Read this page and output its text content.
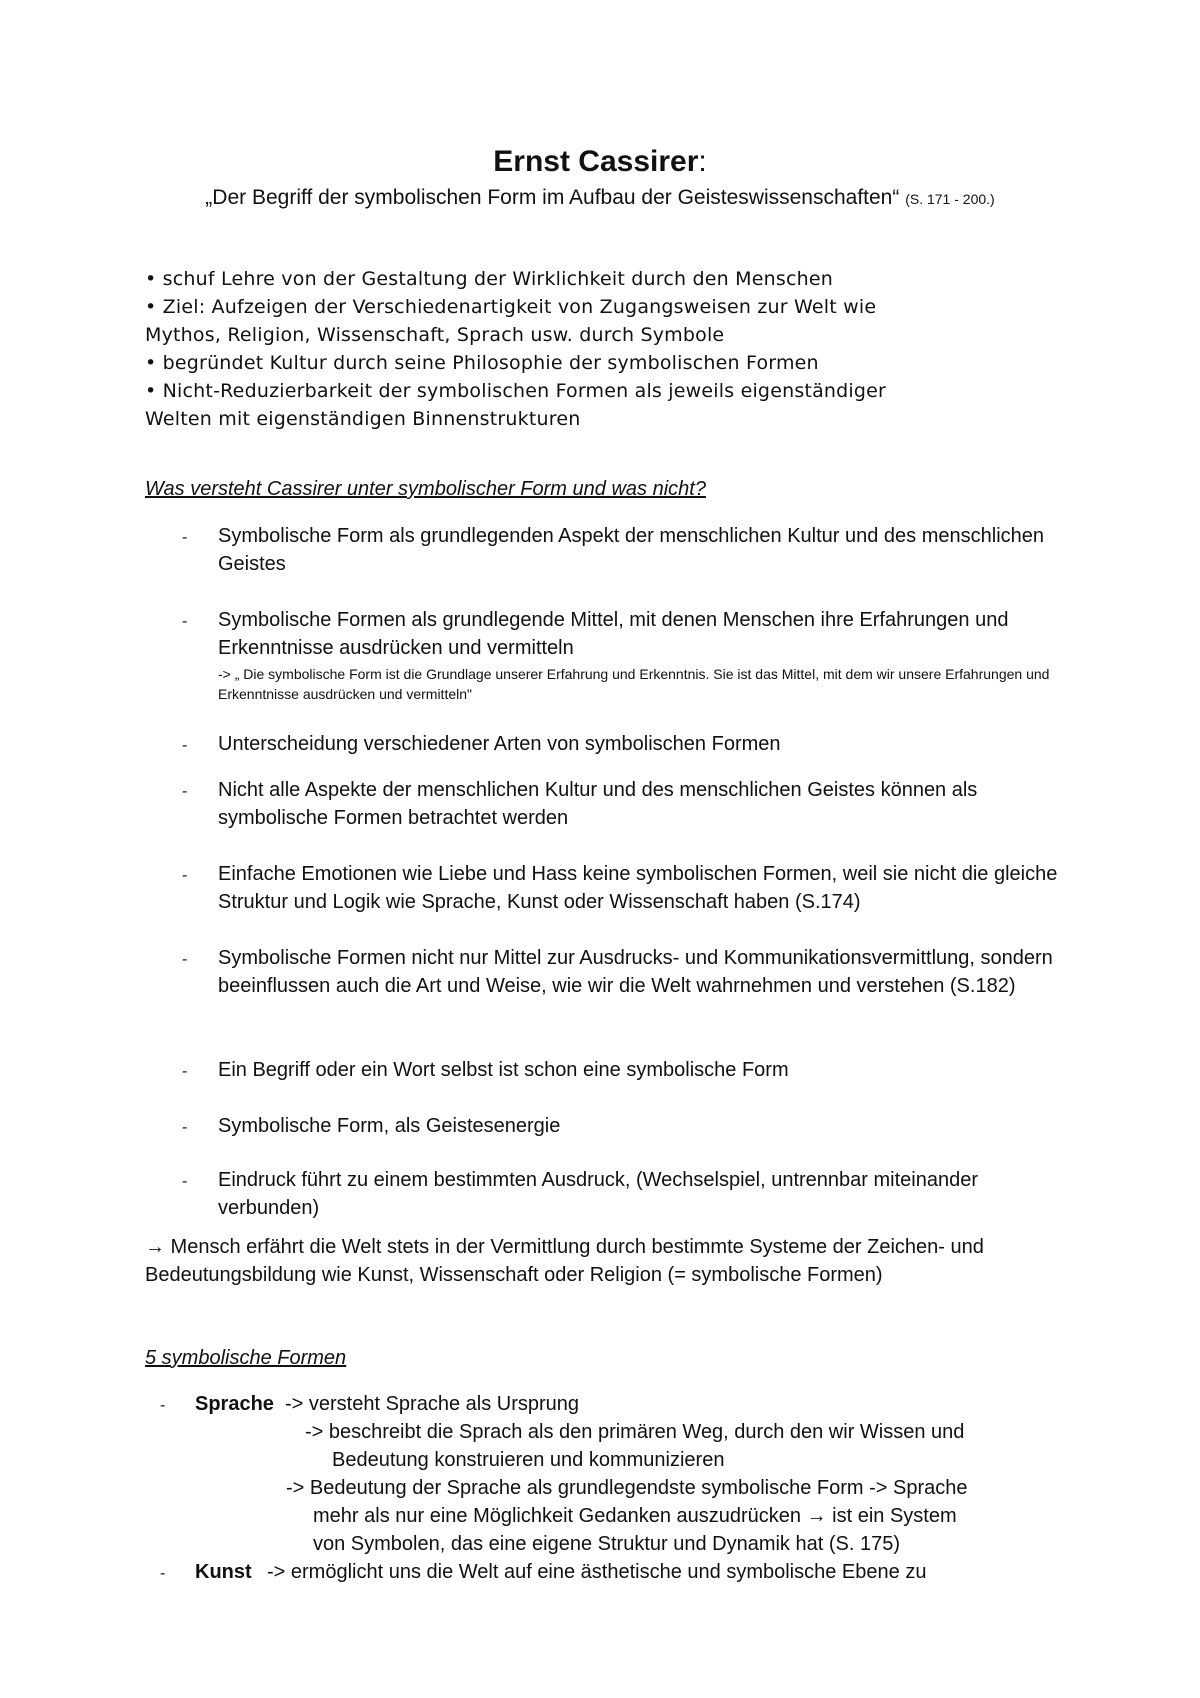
Ernst Cassirer:
„Der Begriff der symbolischen Form im Aufbau der Geisteswissenschaften“ (S. 171 - 200.)
• schuf Lehre von der Gestaltung der Wirklichkeit durch den Menschen
• Ziel: Aufzeigen der Verschiedenartigkeit von Zugangsweisen zur Welt wie
Mythos, Religion, Wissenschaft, Sprach usw. durch Symbole
• begründet Kultur durch seine Philosophie der symbolischen Formen
• Nicht-Reduzierbarkeit der symbolischen Formen als jeweils eigenständiger
Welten mit eigenständigen Binnenstrukturen
Was versteht Cassirer unter symbolischer Form und was nicht?
- Symbolische Form als grundlegenden Aspekt der menschlichen Kultur und des menschlichen Geistes
- Symbolische Formen als grundlegende Mittel, mit denen Menschen ihre Erfahrungen und Erkenntnisse ausdrücken und vermitteln
-> „ Die symbolische Form ist die Grundlage unserer Erfahrung und Erkenntnis. Sie ist das Mittel, mit dem wir unsere Erfahrungen und Erkenntnisse ausdrücken und vermitteln"
- Unterscheidung verschiedener Arten von symbolischen Formen
- Nicht alle Aspekte der menschlichen Kultur und des menschlichen Geistes können als symbolische Formen betrachtet werden
- Einfache Emotionen wie Liebe und Hass keine symbolischen Formen, weil sie nicht die gleiche Struktur und Logik wie Sprache, Kunst oder Wissenschaft haben (S.174)
- Symbolische Formen nicht nur Mittel zur Ausdrucks- und Kommunikationsvermittlung, sondern beeinflussen auch die Art und Weise, wie wir die Welt wahrnehmen und verstehen (S.182)
- Ein Begriff oder ein Wort selbst ist schon eine symbolische Form
- Symbolische Form, als Geistesenergie
- Eindruck führt zu einem bestimmten Ausdruck, (Wechselspiel, untrennbar miteinander verbunden)
→ Mensch erfährt die Welt stets in der Vermittlung durch bestimmte Systeme der Zeichen- und Bedeutungsbildung wie Kunst, Wissenschaft oder Religion (= symbolische Formen)
5 symbolische Formen
- Sprache -> versteht Sprache als Ursprung
-> beschreibt die Sprach als den primären Weg, durch den wir Wissen und
Bedeutung konstruieren und kommunizieren
-> Bedeutung der Sprache als grundlegendste symbolische Form -> Sprache
mehr als nur eine Möglichkeit Gedanken auszudrücken → ist ein System
von Symbolen, das eine eigene Struktur und Dynamik hat (S. 175)
- Kunst -> ermöglicht uns die Welt auf eine ästhetische und symbolische Ebene zu
